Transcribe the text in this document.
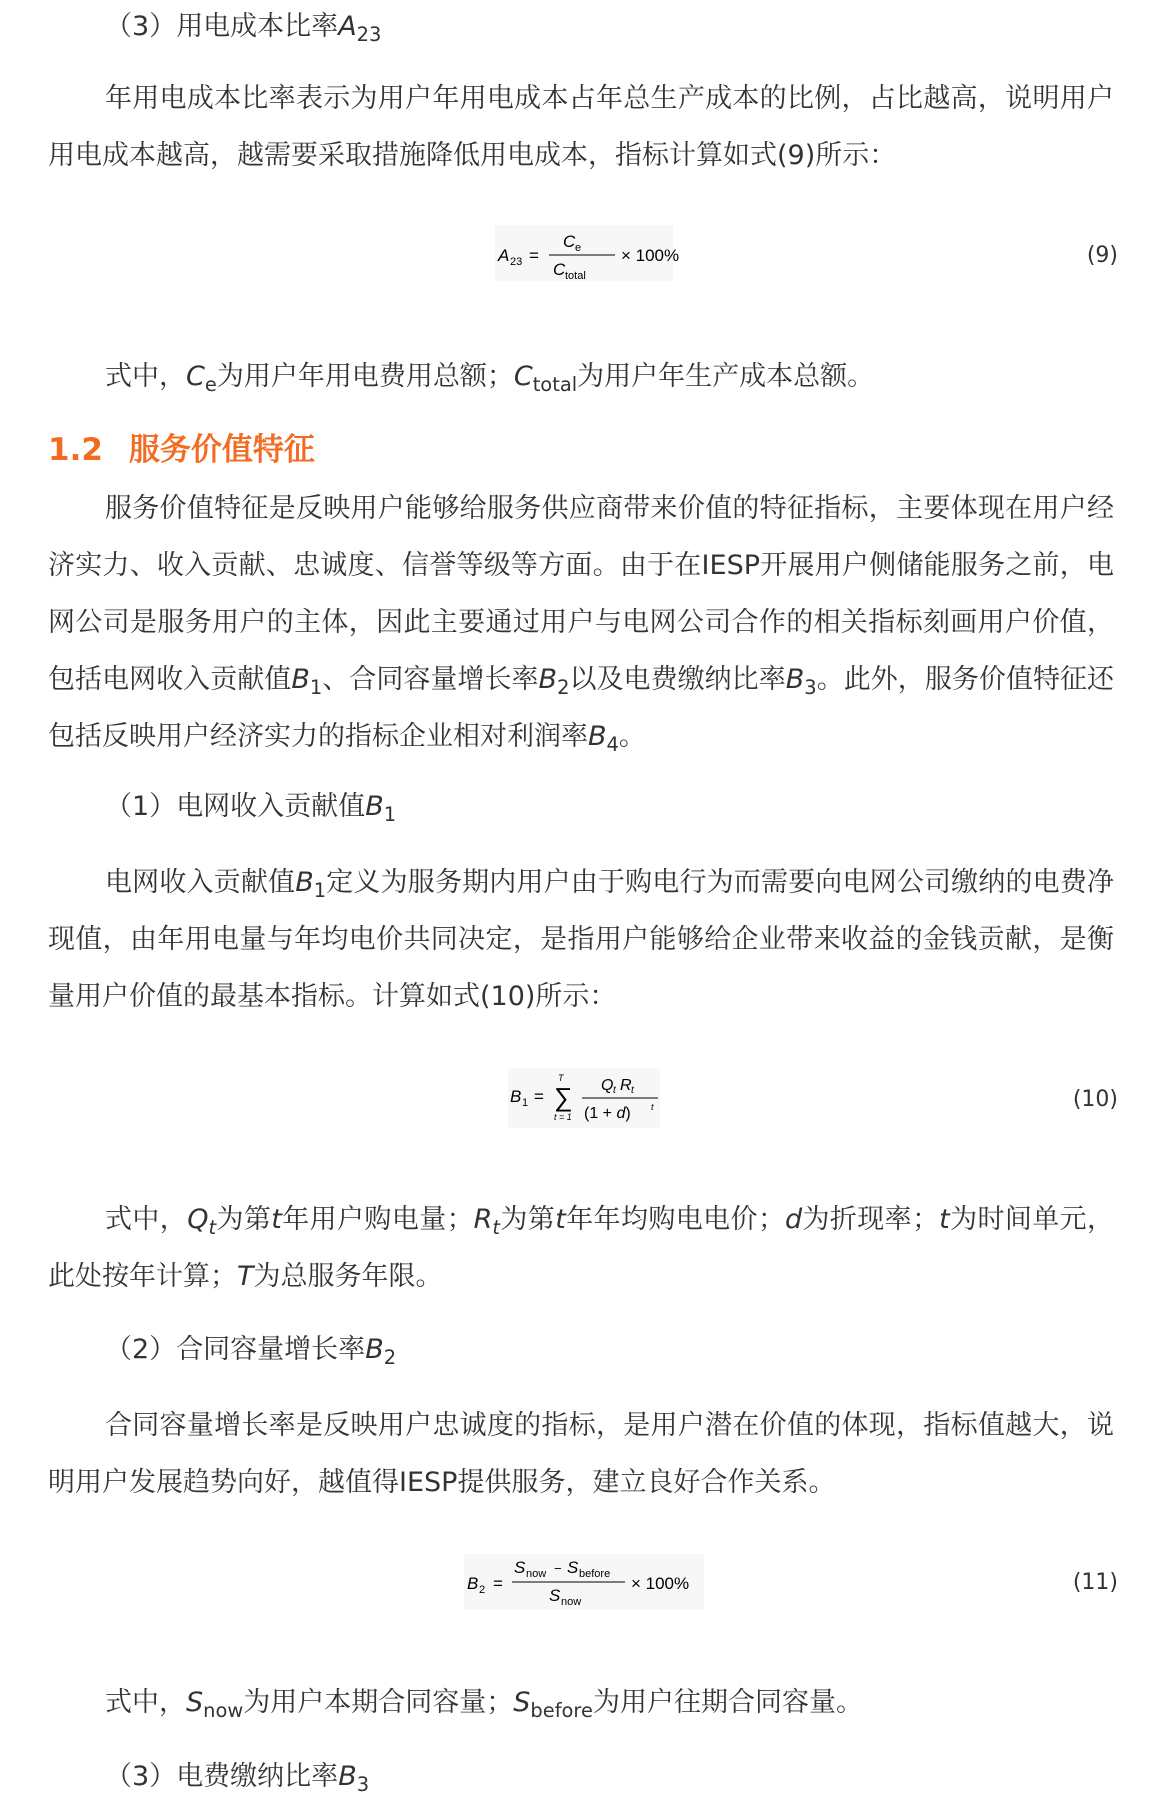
（3）用电成本比率$A_{23}$

年用电成本比率表示为用户年用电成本占年总生产成本的比例，占比越高，说明用户用电成本越高，越需要采取措施降低用电成本，指标计算如式(9)所示：

A 23 =
C e
C total
× 100%	(9)

式中，$C_e$为用户年用电费用总额；$C_{total}$为用户年生产成本总额。

1.2 服务价值特征

服务价值特征是反映用户能够给服务供应商带来价值的特征指标，主要体现在用户经济实力、收入贡献、忠诚度、信誉等级等方面。由于在IESP开展用户侧储能服务之前，电网公司是服务用户的主体，因此主要通过用户与电网公司合作的相关指标刻画用户价值，包括电网收入贡献值$B_1$、合同容量增长率$B_2$以及电费缴纳比率$B_3$。此外，服务价值特征还包括反映用户经济实力的指标企业相对利润率$B_4$。

（1）电网收入贡献值$B_1$

电网收入贡献值$B_1$定义为服务期内用户由于购电行为而需要向电网公司缴纳的电费净现值，由年用电量与年均电价共同决定，是指用户能够给企业带来收益的金钱贡献，是衡量用户价值的最基本指标。计算如式(10)所示：

B 1 =
T
∑
t = 1
Q t R t
(1 + d) t	(10)

式中，$Q_t$为第t年用户购电量；$R_t$为第t年年均购电电价；d为折现率；t为时间单元，此处按年计算；T为总服务年限。

（2）合同容量增长率$B_2$

合同容量增长率是反映用户忠诚度的指标，是用户潜在价值的体现，指标值越大，说明用户发展趋势向好，越值得IESP提供服务，建立良好合作关系。

B 2 =
S now − S before
S now
× 100%	(11)

式中，$S_{now}$为用户本期合同容量；$S_{before}$为用户往期合同容量。

（3）电费缴纳比率$B_3$
